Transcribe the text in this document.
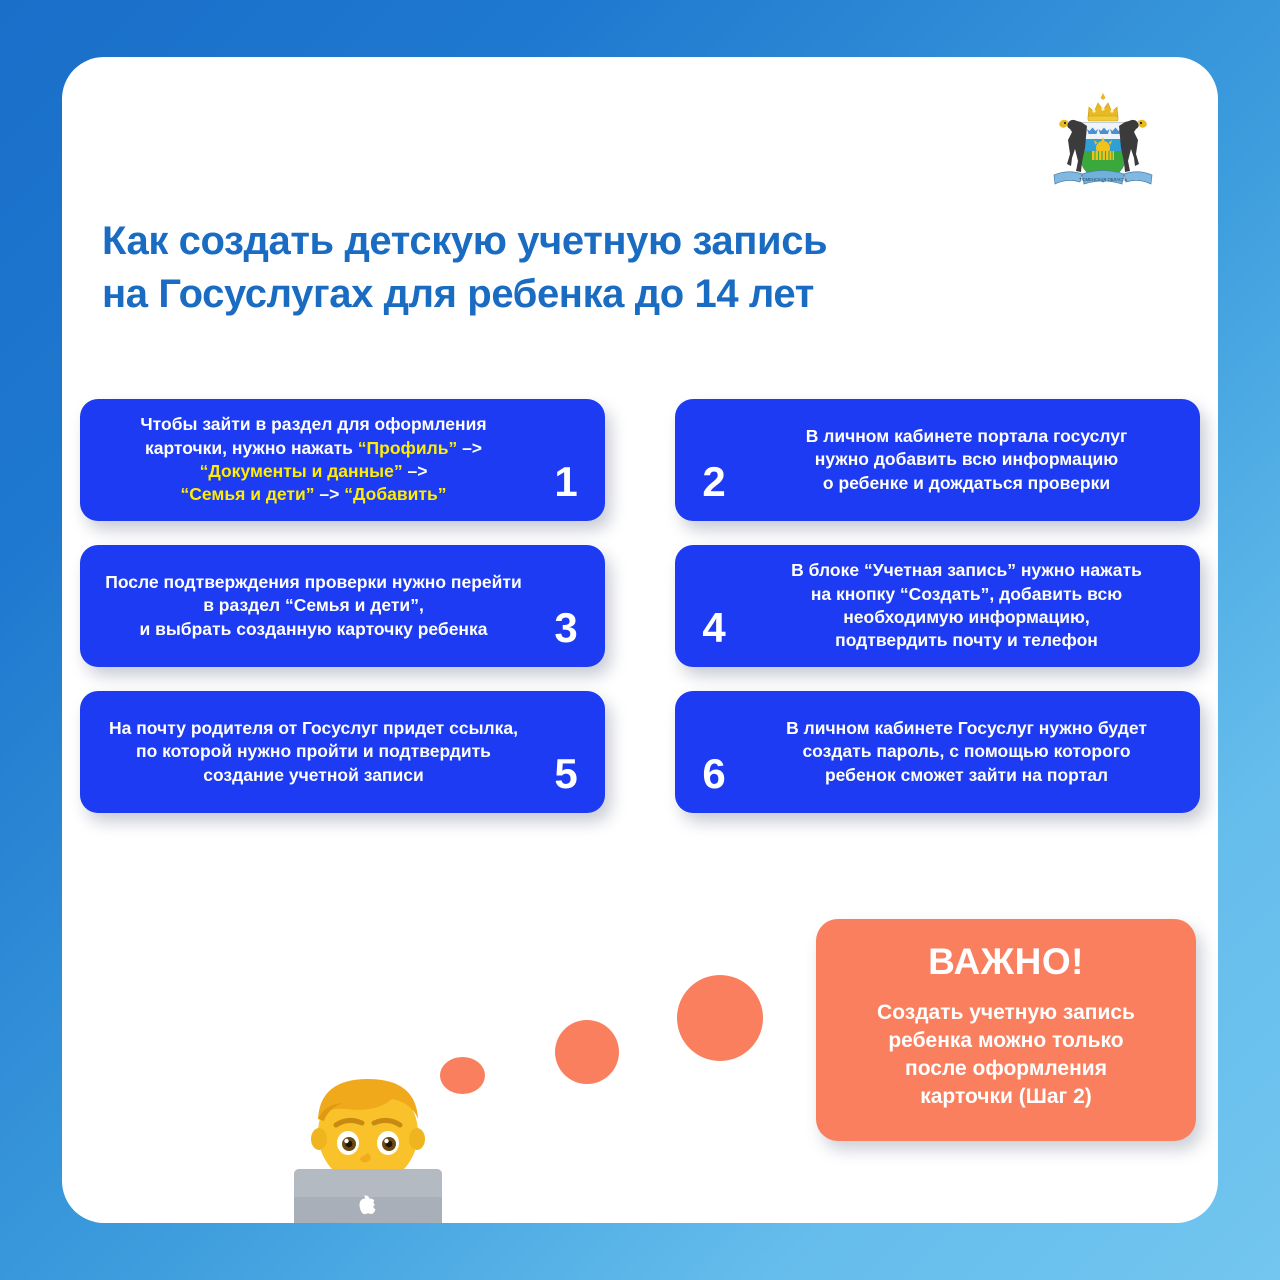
ТЮМЕНСКАЯ ОБЛАСТЬ
Как создать детскую учетную запись
на Госуслугах для ребенка до 14 лет
Чтобы зайти в раздел для оформления
карточки, нужно нажать “Профиль” –>
“Документы и данные” –>
“Семья и дети” –> “Добавить”	1
В личном кабинете портала госуслуг
нужно добавить всю информацию
о ребенке и дождаться проверки
2
После подтверждения проверки нужно перейти
в раздел “Семья и дети”,
и выбрать созданную карточку ребенка	3
В блоке “Учетная запись” нужно нажать
на кнопку “Создать”, добавить всю
необходимую информацию,
подтвердить почту и телефон
4
На почту родителя от Госуслуг придет ссылка,
по которой нужно пройти и подтвердить
создание учетной записи	5
В личном кабинете Госуслуг нужно будет
создать пароль, с помощью которого
ребенок сможет зайти на портал
6
ВАЖНО!
Создать учетную запись
ребенка можно только
после оформления
карточки (Шаг 2)
